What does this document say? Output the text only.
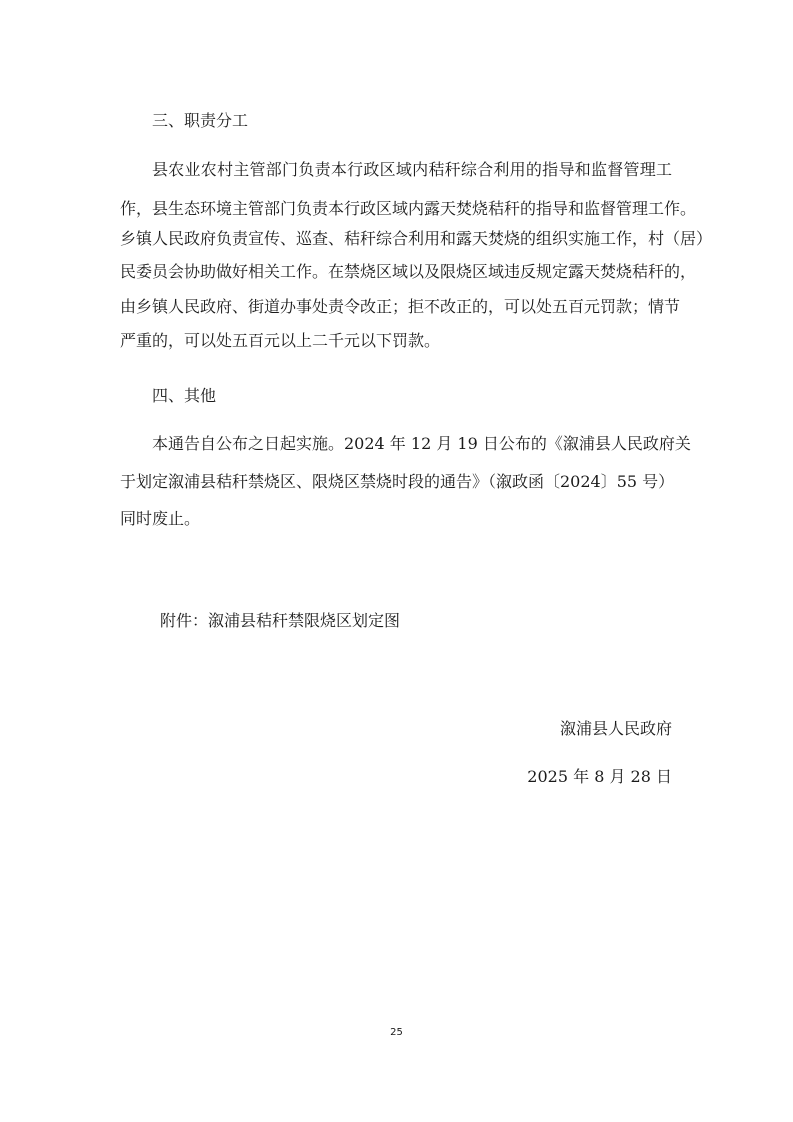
三、职责分工
县农业农村主管部门负责本行政区域内秸秆综合利用的指导和监督管理工
作，县生态环境主管部门负责本行政区域内露天焚烧秸秆的指导和监督管理工作。
乡镇人民政府负责宣传、巡查、秸秆综合利用和露天焚烧的组织实施工作，村（居）
民委员会协助做好相关工作。在禁烧区域以及限烧区域违反规定露天焚烧秸秆的，
由乡镇人民政府、街道办事处责令改正；拒不改正的，可以处五百元罚款；情节
严重的，可以处五百元以上二千元以下罚款。
四、其他
本通告自公布之日起实施。2024 年 12 月 19 日公布的《溆浦县人民政府关
于划定溆浦县秸秆禁烧区、限烧区禁烧时段的通告》（溆政函〔2024〕55 号）
同时废止。
附件：溆浦县秸秆禁限烧区划定图
溆浦县人民政府
2025 年 8 月 28 日
25
